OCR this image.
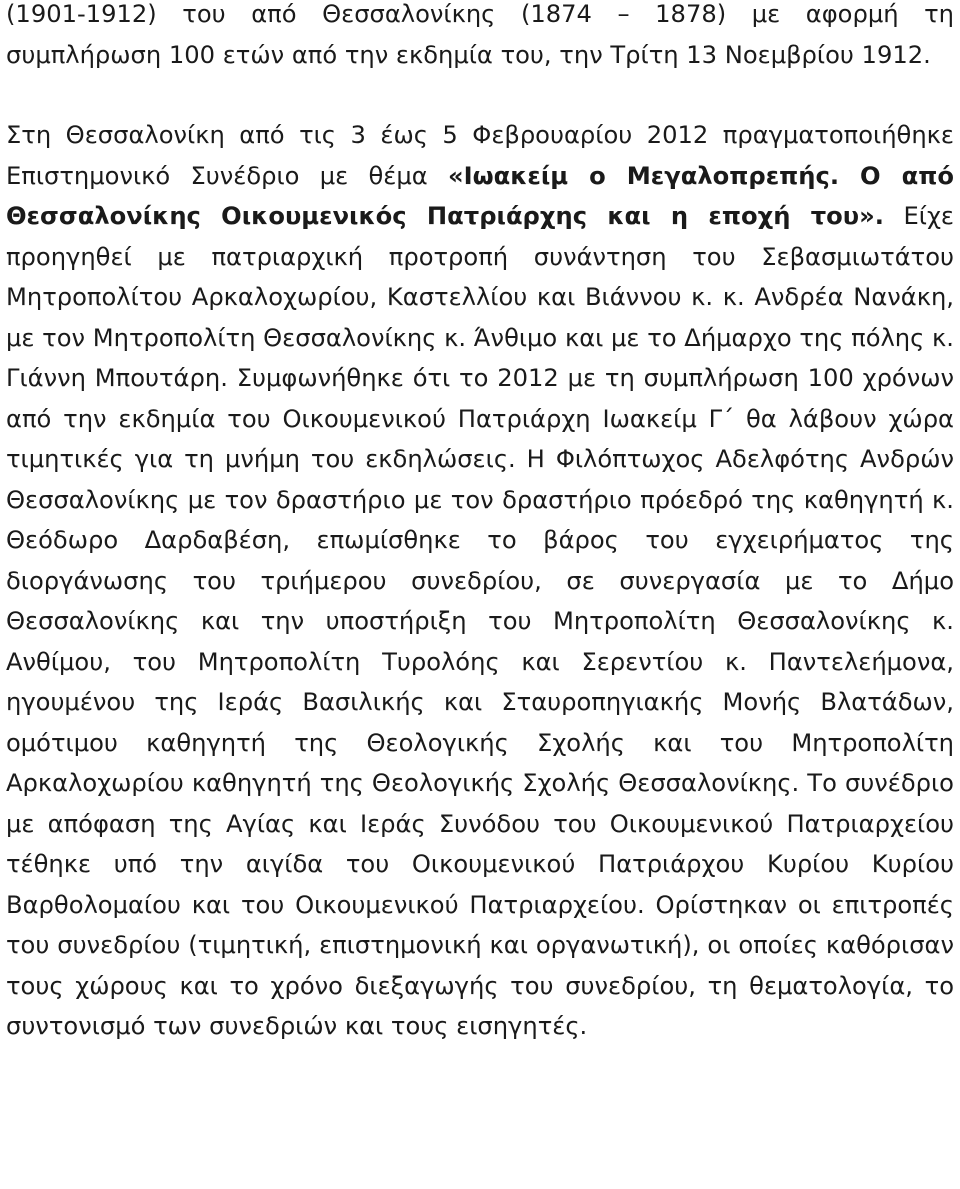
(1901-1912) του από Θεσσαλονίκης (1874 – 1878) με αφορμή τη συμπλήρωση 100 ετών από την εκδημία του, την Τρίτη 13 Νοεμβρίου 1912.

Στη Θεσσαλονίκη από τις 3 έως 5 Φεβρουαρίου 2012 πραγματοποιήθηκε Επιστημονικό Συνέδριο με θέμα «Ιωακείμ ο Μεγαλοπρεπής. Ο από Θεσσαλονίκης Οικουμενικός Πατριάρχης και η εποχή του». Είχε προηγηθεί με πατριαρχική προτροπή συνάντηση του Σεβασμιωτάτου Μητροπολίτου Αρκαλοχωρίου, Καστελλίου και Βιάννου κ. κ. Ανδρέα Νανάκη, με τον Μητροπολίτη Θεσσαλονίκης κ. Άνθιμο και με το Δήμαρχο της πόλης κ. Γιάννη Μπουτάρη. Συμφωνήθηκε ότι το 2012 με τη συμπλήρωση 100 χρόνων από την εκδημία του Οικουμενικού Πατριάρχη Ιωακείμ Γ΄ θα λάβουν χώρα τιμητικές για τη μνήμη του εκδηλώσεις. Η Φιλόπτωχος Αδελφότης Ανδρών Θεσσαλονίκης με τον δραστήριο με τον δραστήριο πρόεδρό της καθηγητή κ. Θεόδωρο Δαρδαβέση, επωμίσθηκε το βάρος του εγχειρήματος της διοργάνωσης του τριήμερου συνεδρίου, σε συνεργασία με το Δήμο Θεσσαλονίκης και την υποστήριξη του Μητροπολίτη Θεσσαλονίκης κ. Ανθίμου, του Μητροπολίτη Τυρολόης και Σερεντίου κ. Παντελεήμονα, ηγουμένου της Ιεράς Βασιλικής και Σταυροπηγιακής Μονής Βλατάδων, ομότιμου καθηγητή της Θεολογικής Σχολής και του Μητροπολίτη Αρκαλοχωρίου καθηγητή της Θεολογικής Σχολής Θεσσαλονίκης. Το συνέδριο με απόφαση της Αγίας και Ιεράς Συνόδου του Οικουμενικού Πατριαρχείου τέθηκε υπό την αιγίδα του Οικουμενικού Πατριάρχου Κυρίου Κυρίου Βαρθολομαίου και του Οικουμενικού Πατριαρχείου. Ορίστηκαν οι επιτροπές του συνεδρίου (τιμητική, επιστημονική και οργανωτική), οι οποίες καθόρισαν τους χώρους και το χρόνο διεξαγωγής του συνεδρίου, τη θεματολογία, το συντονισμό των συνεδριών και τους εισηγητές.
